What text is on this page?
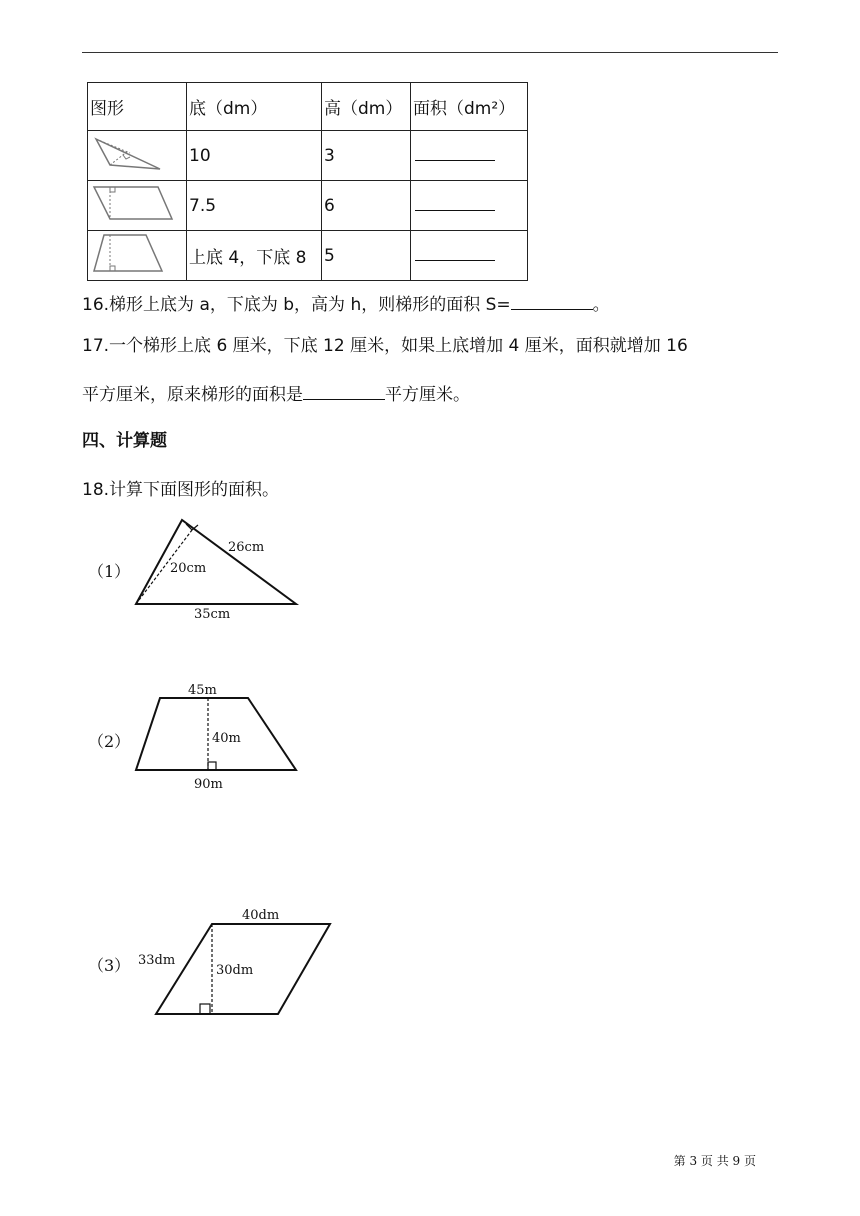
图形	底（dm）	高（dm）	面积（dm²）
	10	3	
	7.5	6	
	上底 4，下底 8	5	
16.梯形上底为 a，下底为 b，高为 h，则梯形的面积 S=	。
17.一个梯形上底 6 厘米，下底 12 厘米，如果上底增加 4 厘米，面积就增加 16
平方厘米，原来梯形的面积是	平方厘米。
四、计算题
18.计算下面图形的面积。
（1）
26cm
20cm
35cm
（2）
45m
40m
90m
（3）
40dm
33dm
30dm
第 3 页 共 9 页
